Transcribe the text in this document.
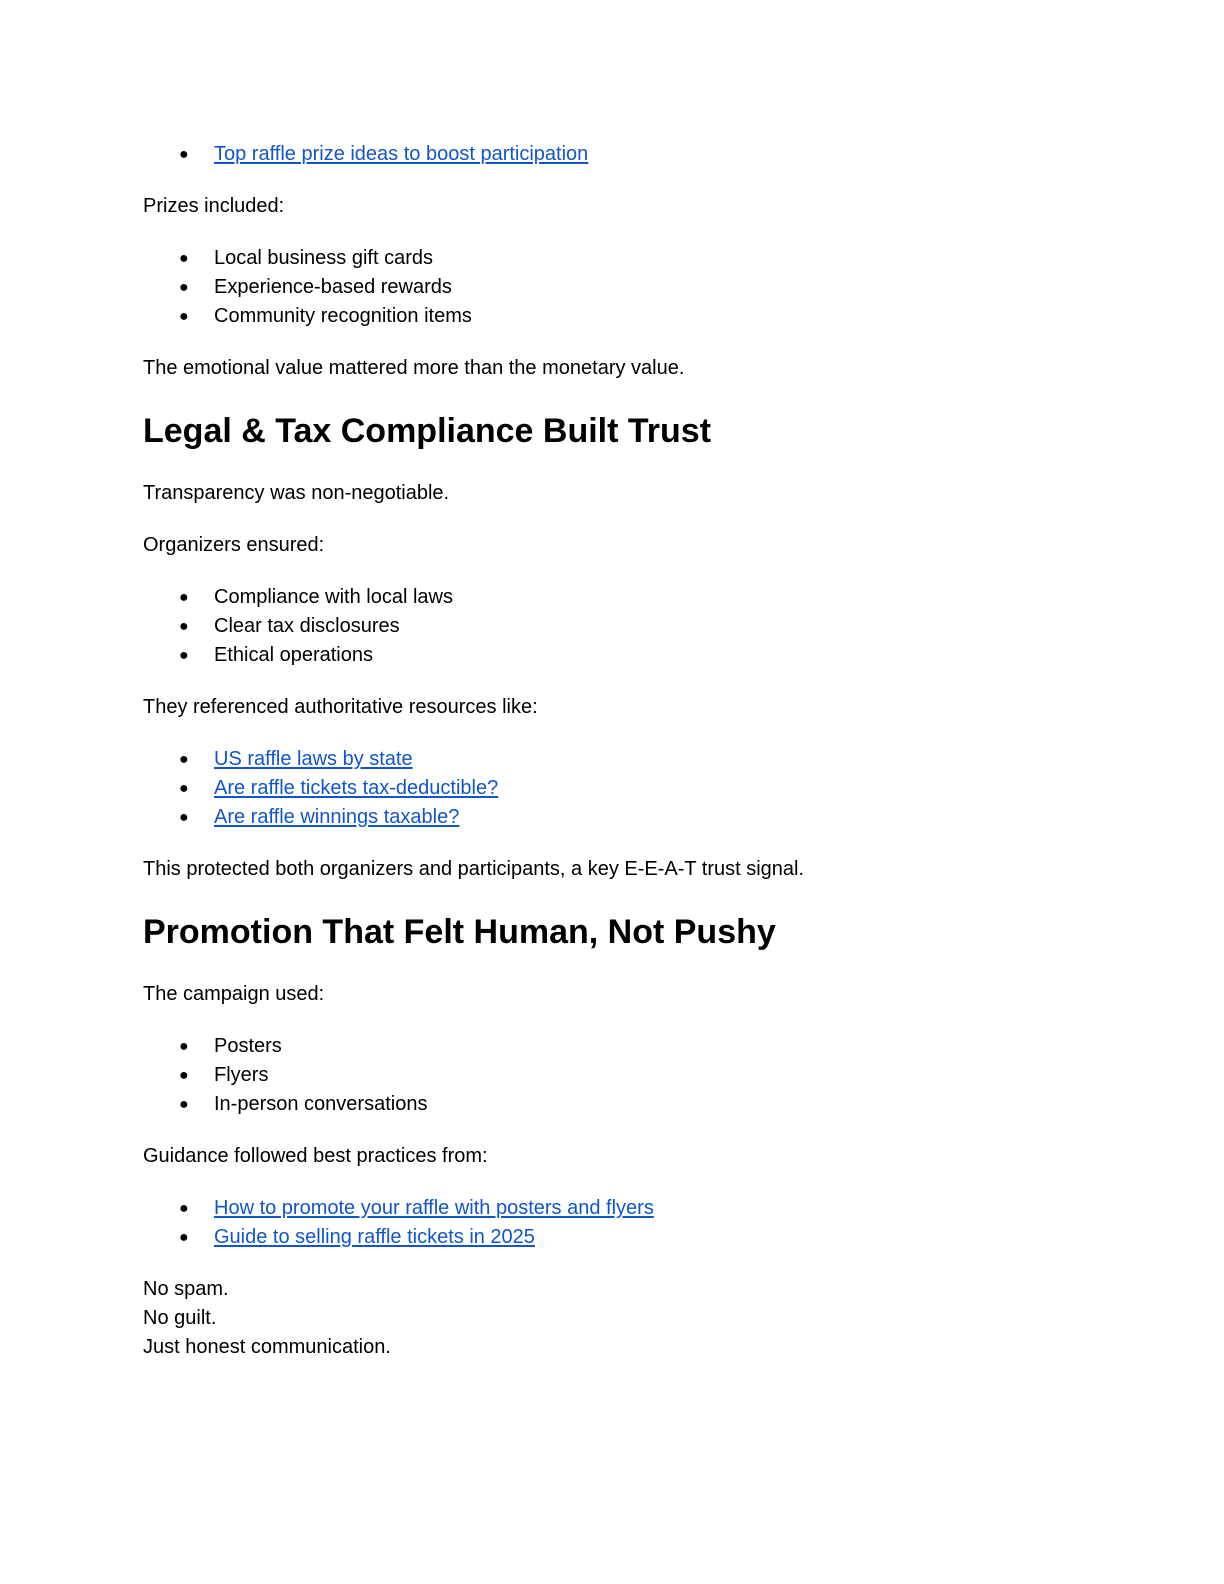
● Top raffle prize ideas to boost participation

Prizes included:

● Local business gift cards
● Experience-based rewards
● Community recognition items

The emotional value mattered more than the monetary value.

Legal & Tax Compliance Built Trust

Transparency was non-negotiable.

Organizers ensured:

● Compliance with local laws
● Clear tax disclosures
● Ethical operations

They referenced authoritative resources like:

● US raffle laws by state
● Are raffle tickets tax-deductible?
● Are raffle winnings taxable?

This protected both organizers and participants, a key E-E-A-T trust signal.

Promotion That Felt Human, Not Pushy

The campaign used:

● Posters
● Flyers
● In-person conversations

Guidance followed best practices from:

● How to promote your raffle with posters and flyers
● Guide to selling raffle tickets in 2025

No spam.

No guilt.

Just honest communication.
